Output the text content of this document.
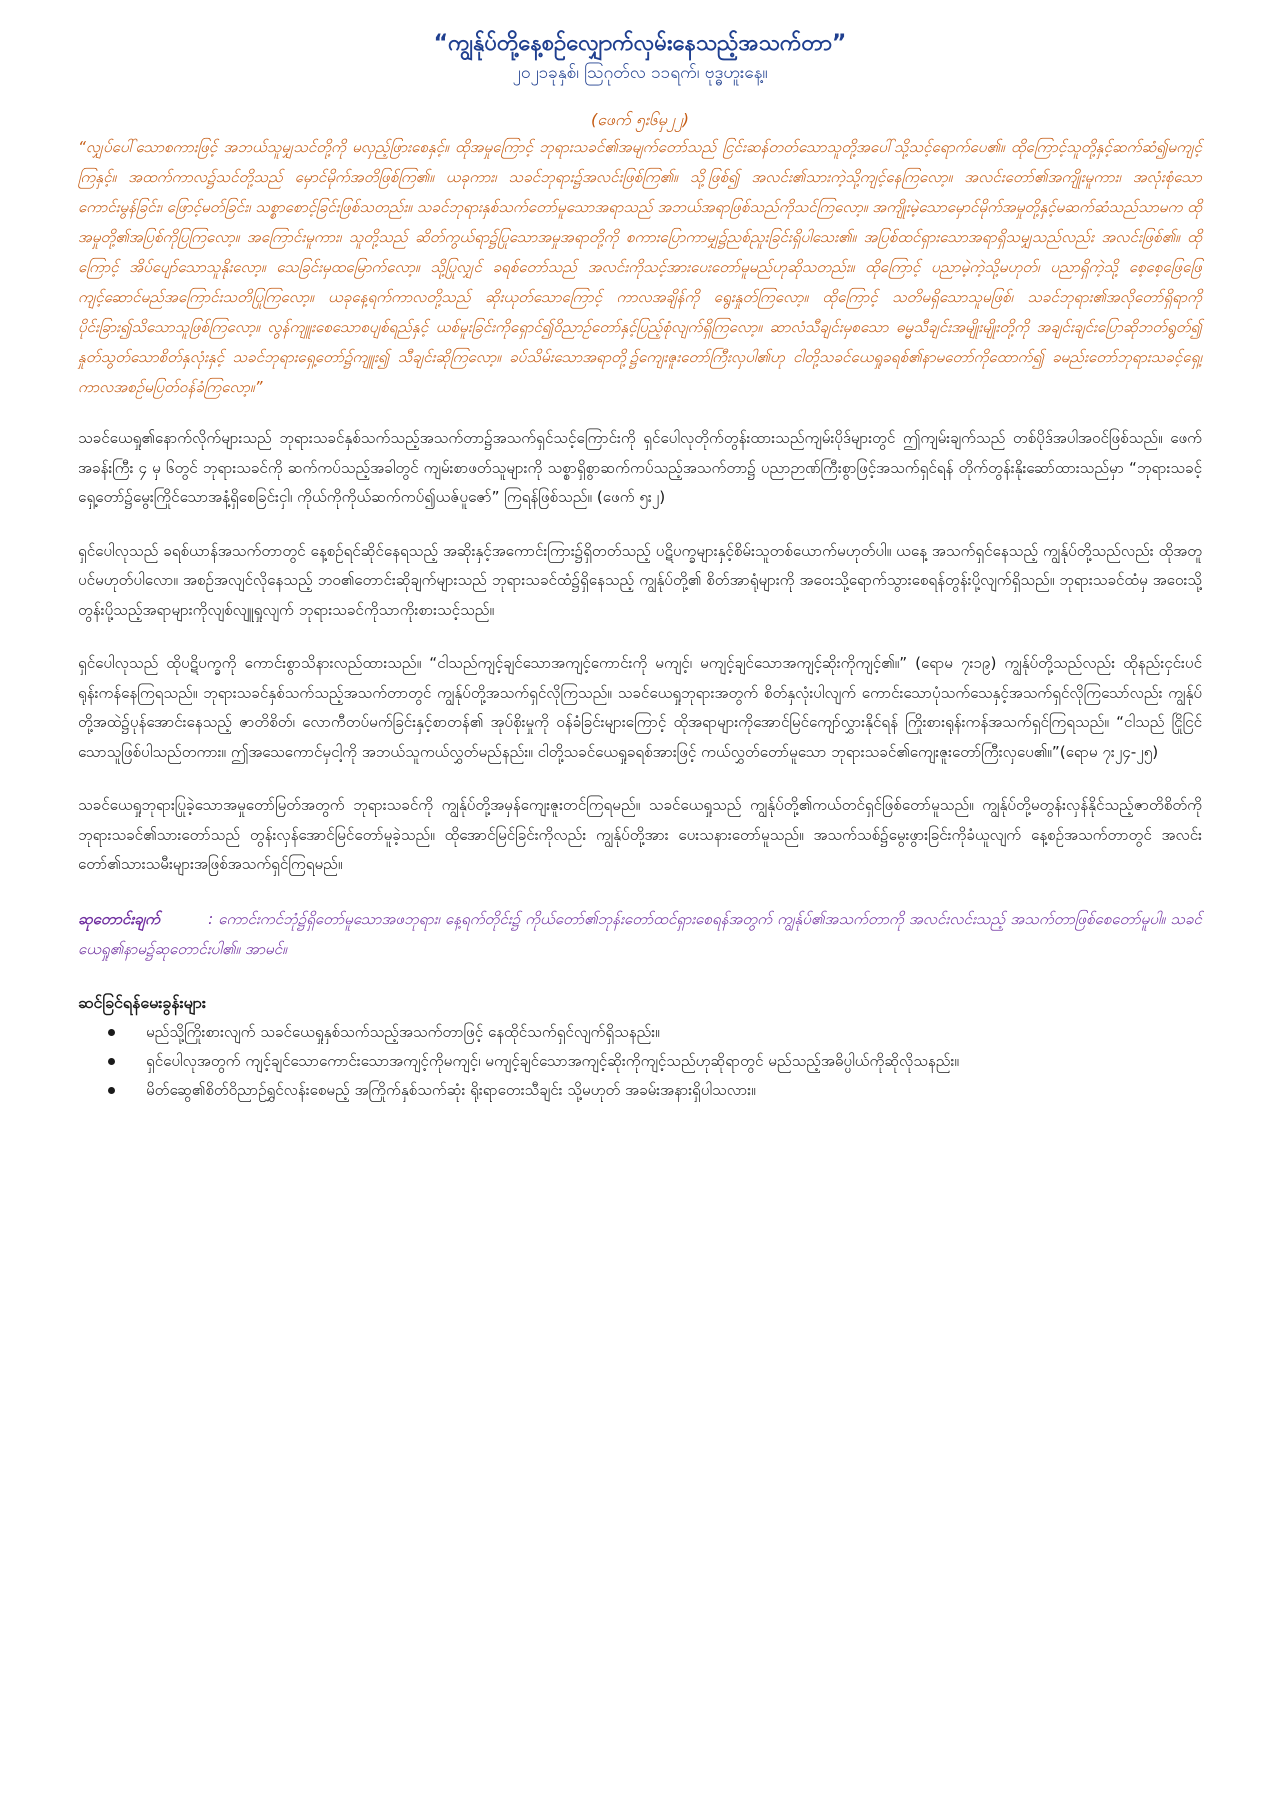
“ကျွန်ုပ်တို့နေ့စဉ်လျှောက်လှမ်းနေသည့်အသက်တာ”

၂၀၂၁ခုနှစ်၊ ဩဂုတ်လ ၁၁ရက်၊ ဗုဒ္ဓဟူးနေ့။

(ဖေက် ၅း၆မှ၂၂)

“လျှပ်ပေါ်သောစကားဖြင့် အဘယ်သူမျှသင်တို့ကို မလှည့်ဖြားစေနှင့်။ ထိုအမှုကြောင့် ဘုရားသခင်၏အမျက်တော်သည် ငြင်းဆန်တတ်သောသူတို့အပေါ်သို့သင့်ရောက်ပေ၏။ ထိုကြောင့်သူတို့နှင့်ဆက်ဆံ၍မကျင့်ကြနှင့်။ အထက်ကာလ၌သင်တို့သည် မှောင်မိုက်အတိဖြစ်ကြ၏။ ယခုကား၊ သခင်ဘုရား၌အလင်းဖြစ်ကြ၏။ သို့ဖြစ်၍ အလင်း၏သားကဲ့သို့ကျင့်နေကြလော့။ အလင်းတော်၏အကျိုးမူကား၊ အလုံးစုံသောကောင်းမွန်ခြင်း၊ ဖြောင့်မတ်ခြင်း၊ သစ္စာစောင့်ခြင်းဖြစ်သတည်း။ သခင်ဘုရားနှစ်သက်တော်မူသောအရာသည် အဘယ်အရာဖြစ်သည်ကိုသင်ကြလော့။ အကျိုးမဲ့သောမှောင်မိုက်အမှုတို့နှင့်မဆက်ဆံသည်သာမက ထိုအမှုတို့၏အပြစ်ကိုပြကြလော့။ အကြောင်းမူကား၊ သူတို့သည် ဆိတ်ကွယ်ရာ၌ပြုသောအမှုအရာတို့ကို စကားပြောကာမျှ၌ညစ်ညူးခြင်းရှိပါသေး၏။ အပြစ်ထင်ရှားသောအရာရှိသမျှသည်လည်း အလင်းဖြစ်၏။ ထိုကြောင့် အိပ်ပျော်သောသူနိုးလော့။ သေခြင်းမှထမြောက်လော့။ သို့ပြုလျှင် ခရစ်တော်သည် အလင်းကိုသင့်အားပေးတော်မူမည်ဟုဆိုသတည်း။ ထိုကြောင့် ပညာမဲ့ကဲ့သို့မဟုတ်၊ ပညာရှိကဲ့သို့ စေ့စေ့ဖြေဖြေကျင့်ဆောင်မည်အကြောင်းသတိပြုကြလော့။ ယခုနေ့ရက်ကာလတို့သည် ဆိုးယုတ်သောကြောင့် ကာလအချိန်ကို ရွေးနှုတ်ကြလော့။ ထိုကြောင့် သတိမရှိသောသူမဖြစ်၊ သခင်ဘုရား၏အလိုတော်ရှိရာကို ပိုင်းခြား၍သိသောသူဖြစ်ကြလော့။ လွန်ကျူးစေသောစပျစ်ရည်နှင့် ယစ်မူးခြင်းကိုရှောင်၍ဝိညာဉ်တော်နှင့်ပြည့်စုံလျက်ရှိကြလော့။ ဆာလံသီချင်းမှစသော ဓမ္မသီချင်းအမျိုးမျိုးတို့ကို အချင်းချင်းပြောဆိုဘတ်ရွတ်၍ နှုတ်သွတ်သောစိတ်နှလုံးနှင့် သခင်ဘုရားရှေ့တော်၌ကျူး၍ သီချင်းဆိုကြလော့။ ခပ်သိမ်းသောအရာတို့၌ကျေးဇူးတော်ကြီးလှပါ၏ဟု ငါတို့သခင်ယေရှုခရစ်၏နာမတော်ကိုထောက်၍ ခမည်းတော်ဘုရားသခင့်ရှေ့၊ ကာလအစဉ်မပြတ်ဝန်ခံကြလော့။”

သခင်ယေရှု၏နောက်လိုက်များသည် ဘုရားသခင်နှစ်သက်သည့်အသက်တာ၌အသက်ရှင်သင့်ကြောင်းကို ရှင်ပေါလုတိုက်တွန်းထားသည်ကျမ်းပိုဒ်များတွင် ဤကျမ်းချက်သည် တစ်ပိုဒ်အပါအဝင်ဖြစ်သည်။ ဖေက်အခန်းကြီး ၄ မှ ၆တွင် ဘုရားသခင်ကို ဆက်ကပ်သည့်အခါတွင် ကျမ်းစာဖတ်သူများကို သစ္စာရှိစွာဆက်ကပ်သည့်အသက်တာ၌ ပညာဉာဏ်ကြီးစွာဖြင့်အသက်ရှင်ရန် တိုက်တွန်းနိုးဆော်ထားသည်မှာ “ဘုရားသခင့်ရှေ့တော်၌မွေးကြိုင်သောအနံ့ရှိစေခြင်းငှါ၊ ကိုယ်ကိုကိုယ်ဆက်ကပ်၍ယဇ်ပူဇော်” ကြရန်ဖြစ်သည်။ (ဖေက် ၅း၂)

ရှင်ပေါလုသည် ခရစ်ယာန်အသက်တာတွင် နေ့စဉ်ရင်ဆိုင်နေရသည့် အဆိုးနှင့်အကောင်းကြား၌ရှိတတ်သည့် ပဋိပက္ခများနှင့်စိမ်းသူတစ်ယောက်မဟုတ်ပါ။ ယနေ့ အသက်ရှင်နေသည့် ကျွန်ုပ်တို့သည်လည်း ထိုအတူပင်မဟုတ်ပါလော။ အစဉ်အလျင်လိုနေသည့် ဘဝ၏တောင်းဆိုချက်များသည် ဘုရားသခင်ထံ၌ရှိနေသည့် ကျွန်ုပ်တို့၏ စိတ်အာရုံများကို အဝေးသို့ရောက်သွားစေရန်တွန်းပို့လျက်ရှိသည်။ ဘုရားသခင်ထံမှ အဝေးသို့တွန်းပို့သည့်အရာများကိုလျစ်လျူရှုလျက် ဘုရားသခင်ကိုသာကိုးစားသင့်သည်။

ရှင်ပေါလုသည် ထိုပဋိပက္ခကို ကောင်းစွာသိနားလည်ထားသည်။ “ငါသည်ကျင့်ချင်သောအကျင့်ကောင်းကို မကျင့်၊ မကျင့်ချင်သောအကျင့်ဆိုးကိုကျင့်၏။” (ရောမ ၇း၁၉) ကျွန်ုပ်တို့သည်လည်း ထိုနည်းငှင်းပင် ရုန်းကန်နေကြရသည်။ ဘုရားသခင်နှစ်သက်သည့်အသက်တာတွင် ကျွန်ုပ်တို့အသက်ရှင်လိုကြသည်။ သခင်ယေရှုဘုရားအတွက် စိတ်နှလုံးပါလျက် ကောင်းသောပုံသက်သေနှင့်အသက်ရှင်လိုကြသော်လည်း ကျွန်ုပ်တို့အထဲ၌ပုန်အောင်းနေသည့် ဇာတိစိတ်၊ လောကီတပ်မက်ခြင်းနှင့်စာတန်၏ အုပ်စိုးမှုကို ဝန်ခံခြင်းများကြောင့် ထိုအရာများကိုအောင်မြင်ကျော်လွှားနိုင်ရန် ကြိုးစားရုန်းကန်အသက်ရှင်ကြရသည်။ “ငါသည် ငြိုငြင်သောသူဖြစ်ပါသည်တကား။ ဤအသေကောင်မှငါ့ကို အဘယ်သူကယ်လွှတ်မည်နည်း။ ငါတို့သခင်ယေရှုခရစ်အားဖြင့် ကယ်လွှတ်တော်မူသော ဘုရားသခင်၏ကျေးဇူးတော်ကြီးလှပေ၏။”(ရောမ ၇း၂၄-၂၅)

သခင်ယေရှုဘုရားပြုခဲ့သောအမှုတော်မြတ်အတွက် ဘုရားသခင်ကို ကျွန်ုပ်တို့အမှန်ကျေးဇူးတင်ကြရမည်။ သခင်ယေရှုသည် ကျွန်ုပ်တို့၏ကယ်တင်ရှင်ဖြစ်တော်မူသည်။ ကျွန်ုပ်တို့မတွန်းလှန်နိုင်သည့်ဇာတိစိတ်ကို ဘုရားသခင်၏သားတော်သည် တွန်းလှန်အောင်မြင်တော်မူခဲ့သည်။ ထိုအောင်မြင်ခြင်းကိုလည်း ကျွန်ုပ်တို့အား ပေးသနားတော်မူသည်။ အသက်သစ်၌မွေးဖွားခြင်းကိုခံယူလျက် နေ့စဉ်အသက်တာတွင် အလင်းတော်၏သားသမီးများအဖြစ်အသက်ရှင်ကြရမည်။

ဆုတောင်းချက်	: ကောင်းကင်ဘုံ၌ရှိတော်မူသောအဖဘုရား၊ နေ့ရက်တိုင်း၌ ကိုယ်တော်၏ဘုန်းတော်ထင်ရှားစေရန်အတွက် ကျွန်ုပ်၏အသက်တာကို အလင်းလင်းသည့် အသက်တာဖြစ်စေတော်မူပါ။ သခင်ယေရှု၏နာမ၌ဆုတောင်းပါ၏။ အာမင်။

ဆင်ခြင်ရန်မေးခွန်းများ

မည်သို့ကြိုးစားလျက် သခင်ယေရှုနှစ်သက်သည့်အသက်တာဖြင့် နေထိုင်သက်ရှင်လျက်ရှိသနည်း။
ရှင်ပေါလုအတွက် ကျင့်ချင်သောကောင်းသောအကျင့်ကိုမကျင့်၊ မကျင့်ချင်သောအကျင့်ဆိုးကိုကျင့်သည်ဟုဆိုရာတွင် မည်သည့်အဓိပ္ပါယ်ကိုဆိုလိုသနည်း။
မိတ်ဆွေ၏စိတ်ဝိညာဉ်ရွှင်လန်းစေမည့် အကြိုက်နှစ်သက်ဆုံး ရိုးရာတေးသီချင်း သို့မဟုတ် အခမ်းအနားရှိပါသလား။
